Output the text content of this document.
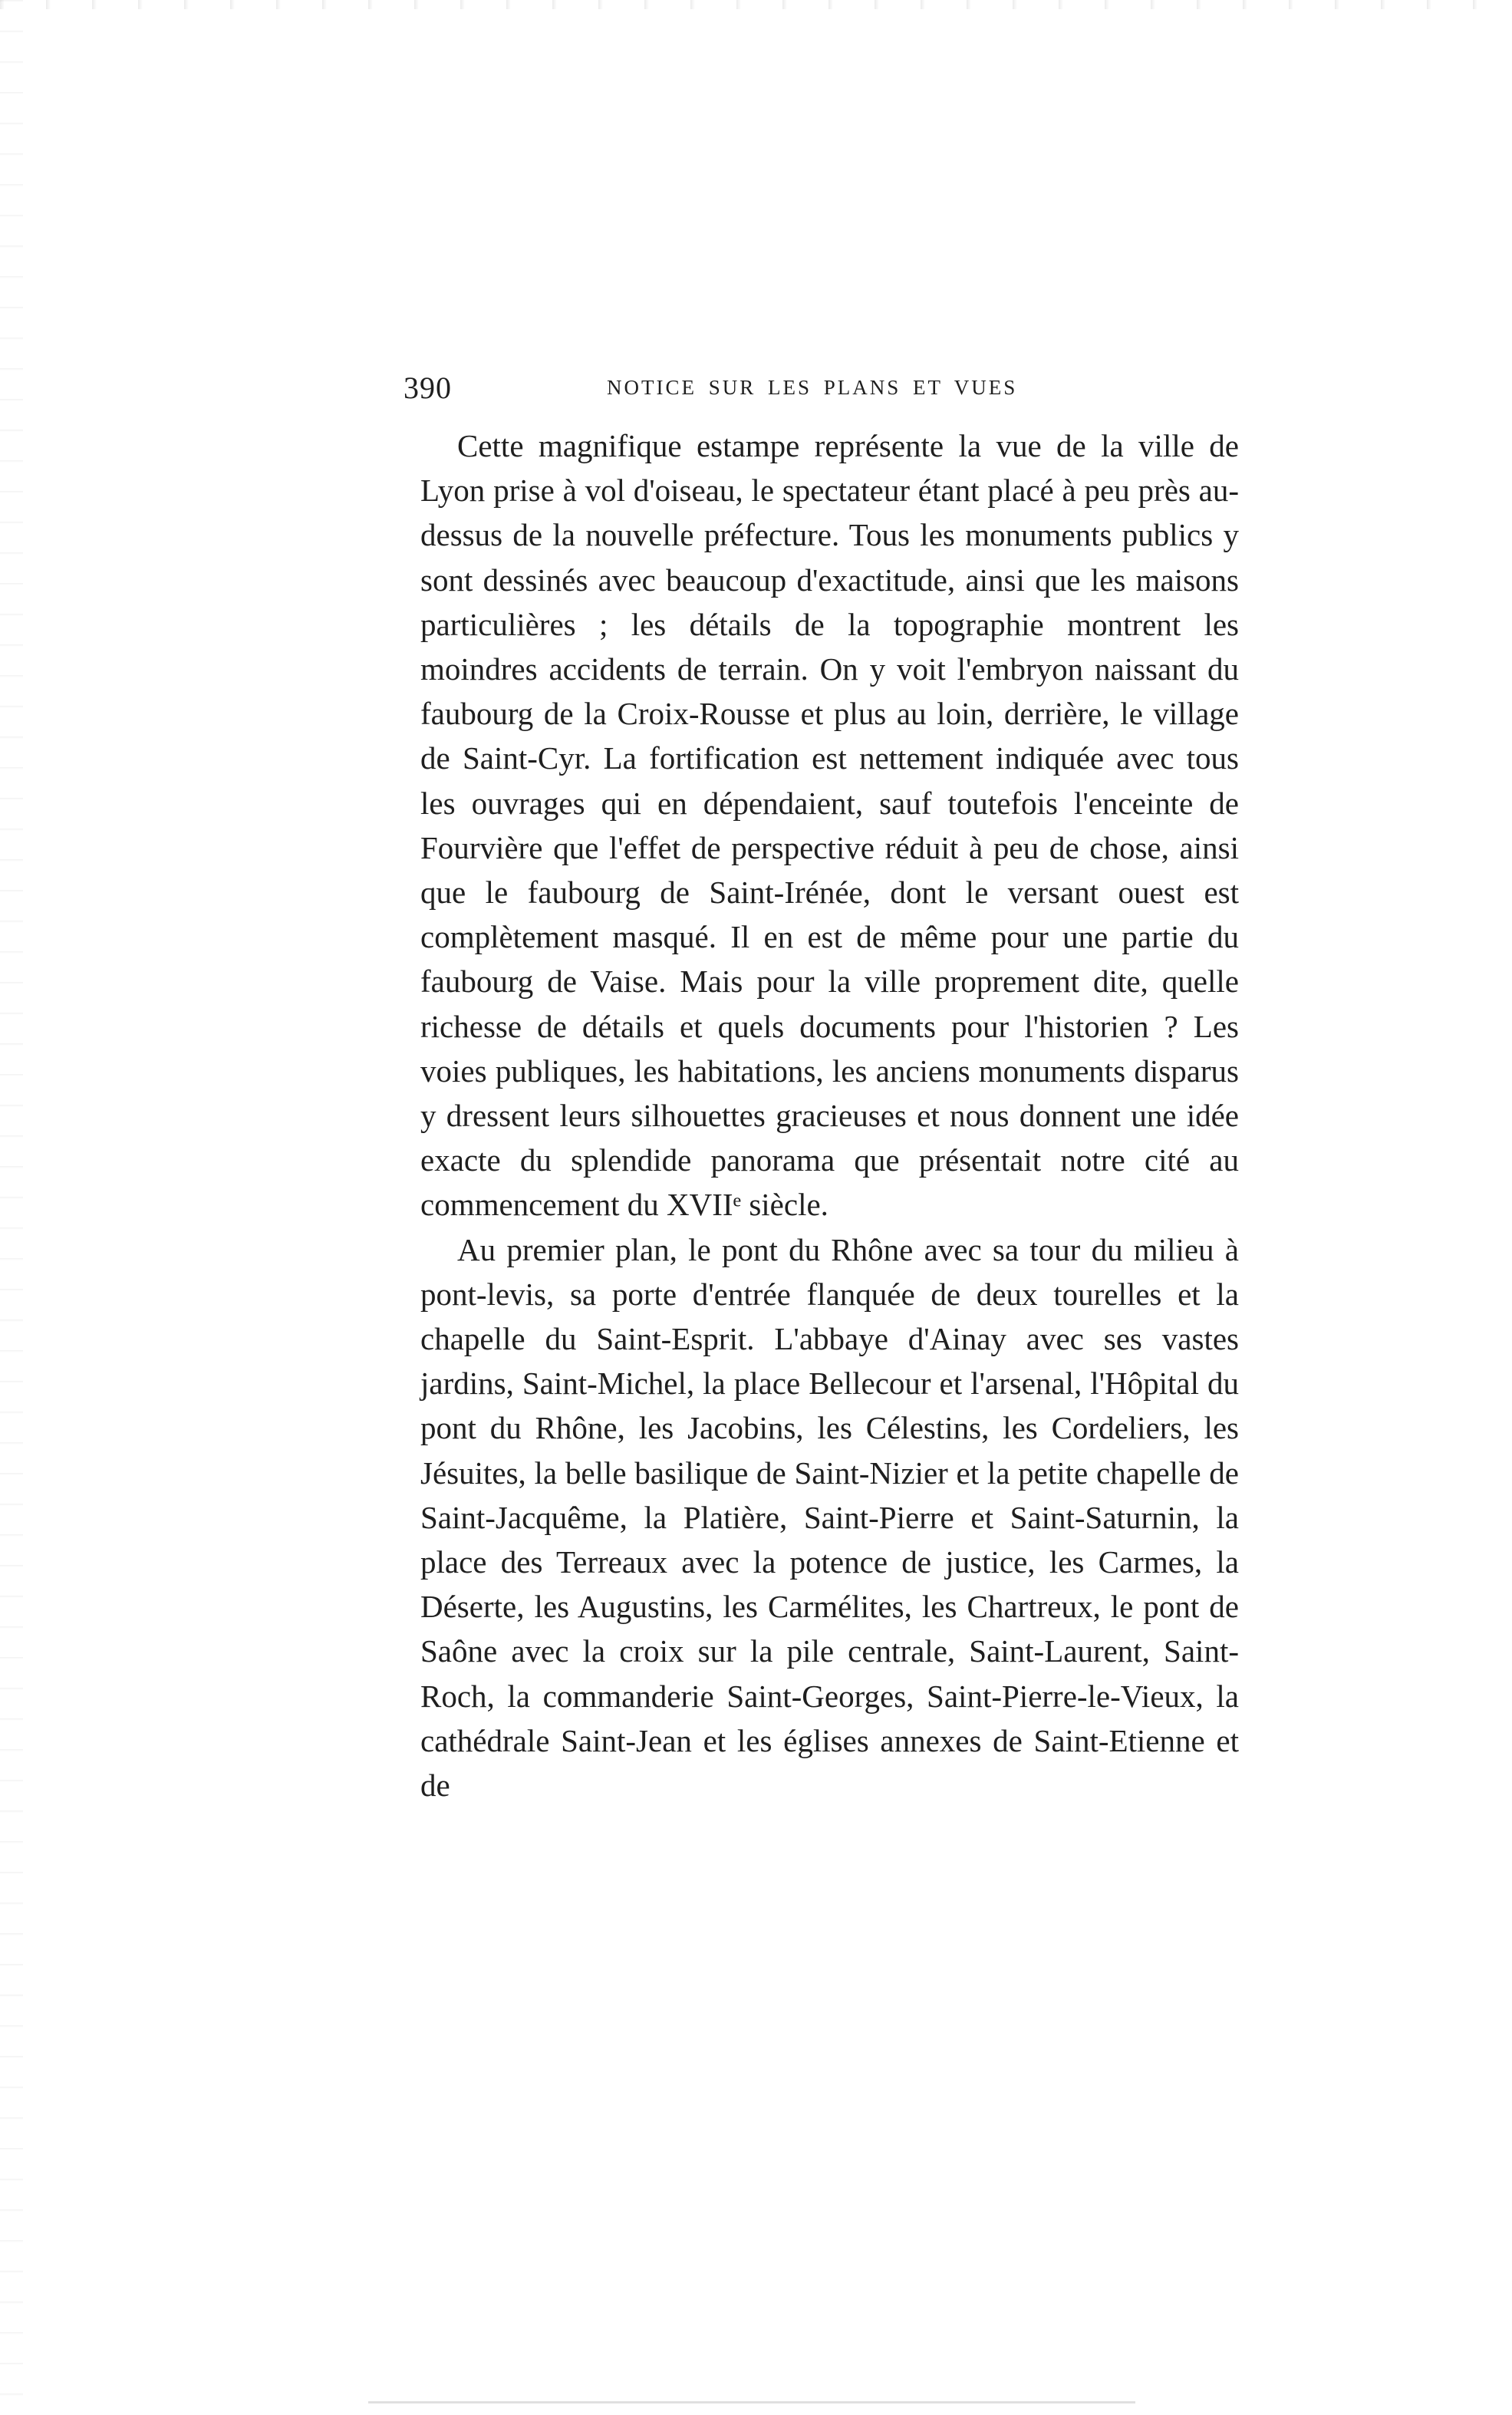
390	NOTICE SUR LES PLANS ET VUES

Cette magnifique estampe représente la vue de la ville de Lyon prise à vol d'oiseau, le spectateur étant placé à peu près au-dessus de la nouvelle préfecture. Tous les monuments publics y sont dessinés avec beaucoup d'exactitude, ainsi que les maisons particulières ; les détails de la topographie montrent les moindres accidents de terrain. On y voit l'embryon naissant du faubourg de la Croix-Rousse et plus au loin, derrière, le village de Saint-Cyr. La fortification est nettement indiquée avec tous les ouvrages qui en dépendaient, sauf toutefois l'enceinte de Fourvière que l'effet de perspective réduit à peu de chose, ainsi que le faubourg de Saint-Irénée, dont le versant ouest est complètement masqué. Il en est de même pour une partie du faubourg de Vaise. Mais pour la ville proprement dite, quelle richesse de détails et quels documents pour l'historien ? Les voies publiques, les habitations, les anciens monuments disparus y dressent leurs silhouettes gracieuses et nous donnent une idée exacte du splendide panorama que présentait notre cité au commencement du XVIIᵉ siècle.

Au premier plan, le pont du Rhône avec sa tour du milieu à pont-levis, sa porte d'entrée flanquée de deux tourelles et la chapelle du Saint-Esprit. L'abbaye d'Ainay avec ses vastes jardins, Saint-Michel, la place Bellecour et l'arsenal, l'Hôpital du pont du Rhône, les Jacobins, les Célestins, les Cordeliers, les Jésuites, la belle basilique de Saint-Nizier et la petite chapelle de Saint-Jacquême, la Platière, Saint-Pierre et Saint-Saturnin, la place des Terreaux avec la potence de justice, les Carmes, la Déserte, les Augustins, les Carmélites, les Chartreux, le pont de Saône avec la croix sur la pile centrale, Saint-Laurent, Saint-Roch, la commanderie Saint-Georges, Saint-Pierre-le-Vieux, la cathédrale Saint-Jean et les églises annexes de Saint-Etienne et de
